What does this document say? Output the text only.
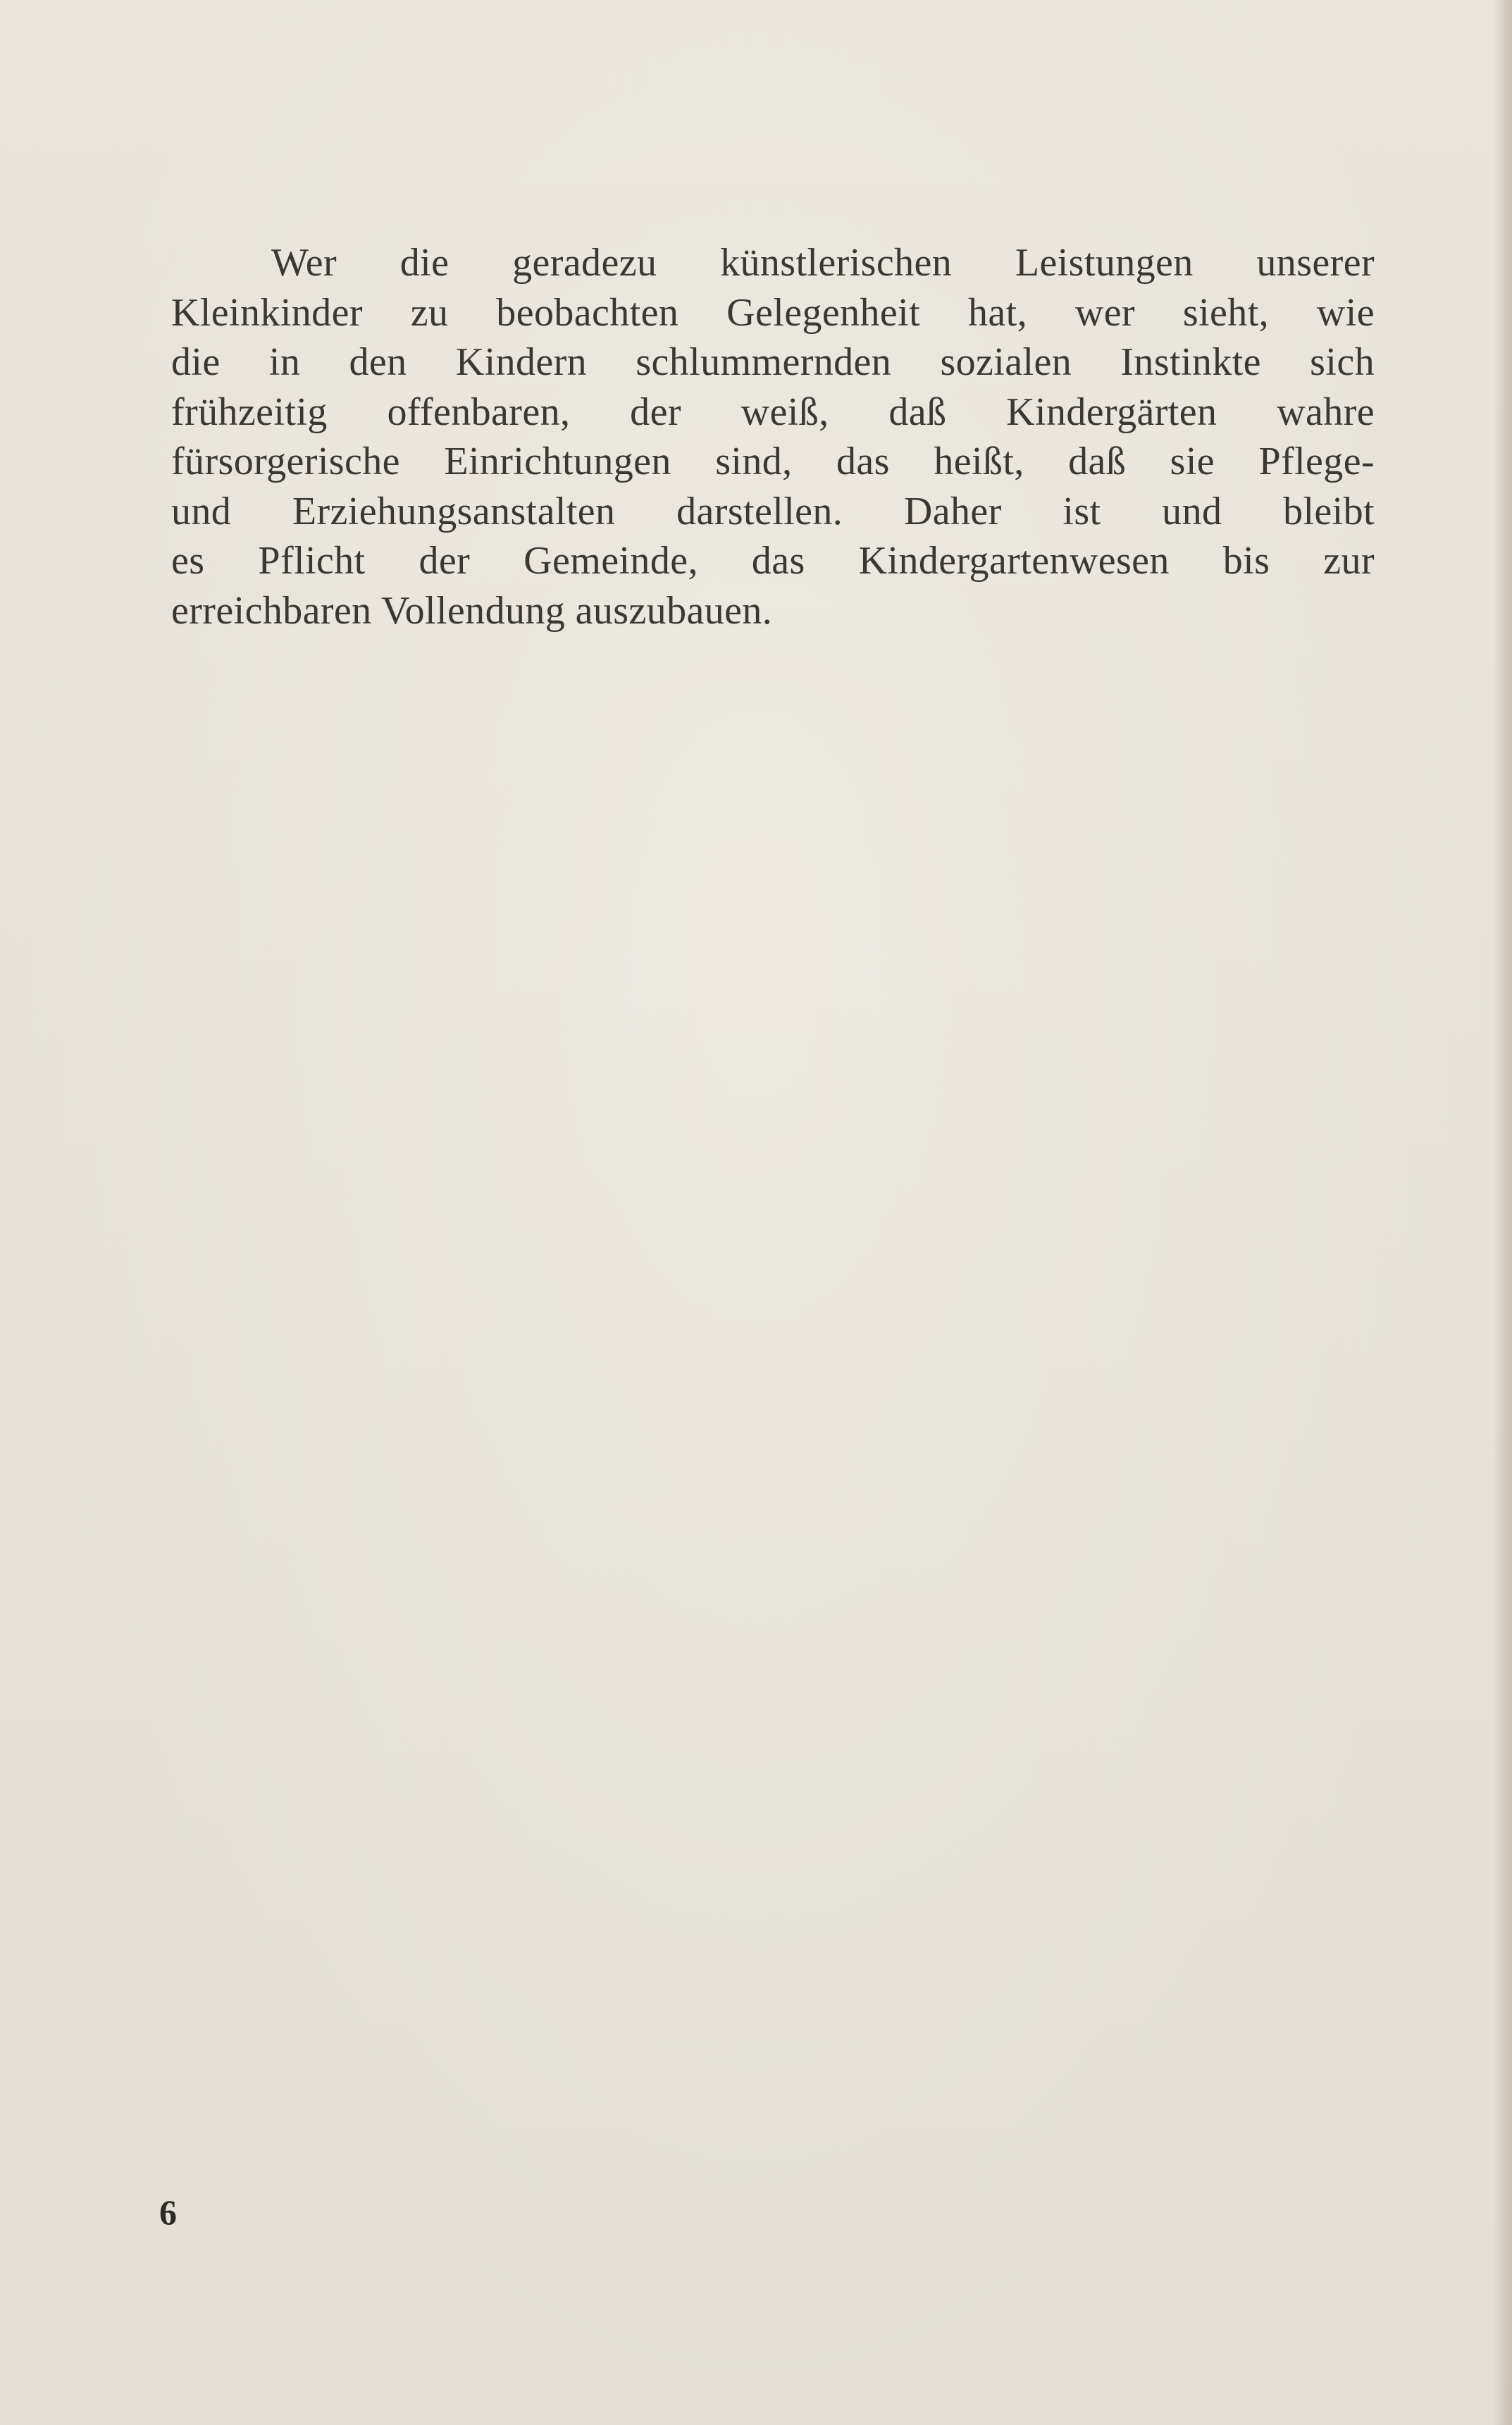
Wer die geradezu künstlerischen Leistungen unserer
Kleinkinder zu beobachten Gelegenheit hat, wer sieht, wie
die in den Kindern schlummernden sozialen Instinkte sich
frühzeitig offenbaren, der weiß, daß Kindergärten wahre
fürsorgerische Einrichtungen sind, das heißt, daß sie Pflege-
und Erziehungsanstalten darstellen. Daher ist und bleibt
es Pflicht der Gemeinde, das Kindergartenwesen bis zur
erreichbaren Vollendung auszubauen.
6
